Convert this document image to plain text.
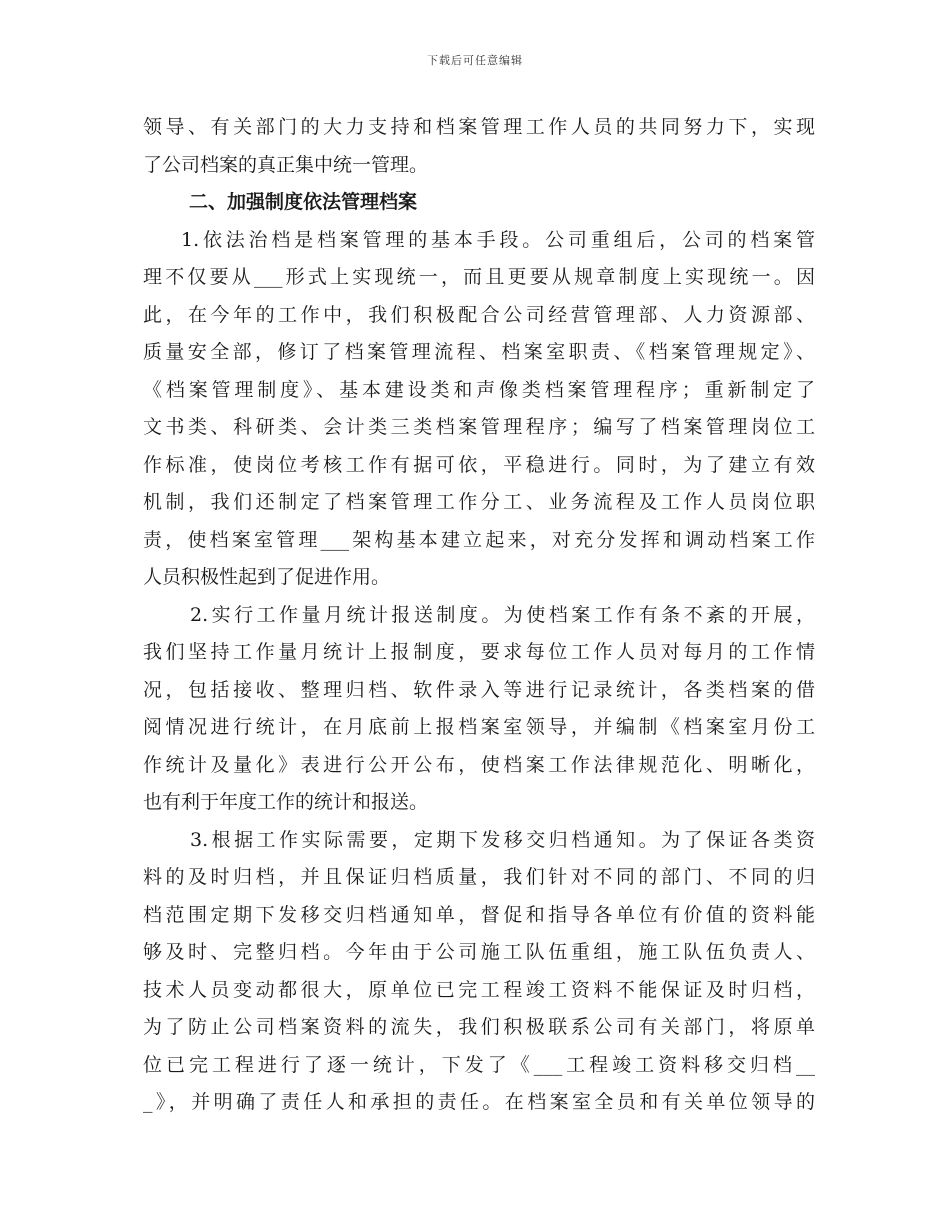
下载后可任意编辑
领导、有关部门的大力支持和档案管理工作人员的共同努力下，实现
了公司档案的真正集中统一管理。
二、加强制度依法管理档案
1.依法治档是档案管理的基本手段。公司重组后，公司的档案管
理不仅要从___形式上实现统一，而且更要从规章制度上实现统一。因
此，在今年的工作中，我们积极配合公司经营管理部、人力资源部、
质量安全部，修订了档案管理流程、档案室职责、《档案管理规定》、
《档案管理制度》、基本建设类和声像类档案管理程序；重新制定了
文书类、科研类、会计类三类档案管理程序；编写了档案管理岗位工
作标准，使岗位考核工作有据可依，平稳进行。同时，为了建立有效
机制，我们还制定了档案管理工作分工、业务流程及工作人员岗位职
责，使档案室管理___架构基本建立起来，对充分发挥和调动档案工作
人员积极性起到了促进作用。
2.实行工作量月统计报送制度。为使档案工作有条不紊的开展，
我们坚持工作量月统计上报制度，要求每位工作人员对每月的工作情
况，包括接收、整理归档、软件录入等进行记录统计，各类档案的借
阅情况进行统计，在月底前上报档案室领导，并编制《档案室月份工
作统计及量化》表进行公开公布，使档案工作法律规范化、明晰化，
也有利于年度工作的统计和报送。
3.根据工作实际需要，定期下发移交归档通知。为了保证各类资
料的及时归档，并且保证归档质量，我们针对不同的部门、不同的归
档范围定期下发移交归档通知单，督促和指导各单位有价值的资料能
够及时、完整归档。今年由于公司施工队伍重组，施工队伍负责人、
技术人员变动都很大，原单位已完工程竣工资料不能保证及时归档，
为了防止公司档案资料的流失，我们积极联系公司有关部门，将原单
位已完工程进行了逐一统计，下发了《___工程竣工资料移交归档__
_》，并明确了责任人和承担的责任。在档案室全员和有关单位领导的
